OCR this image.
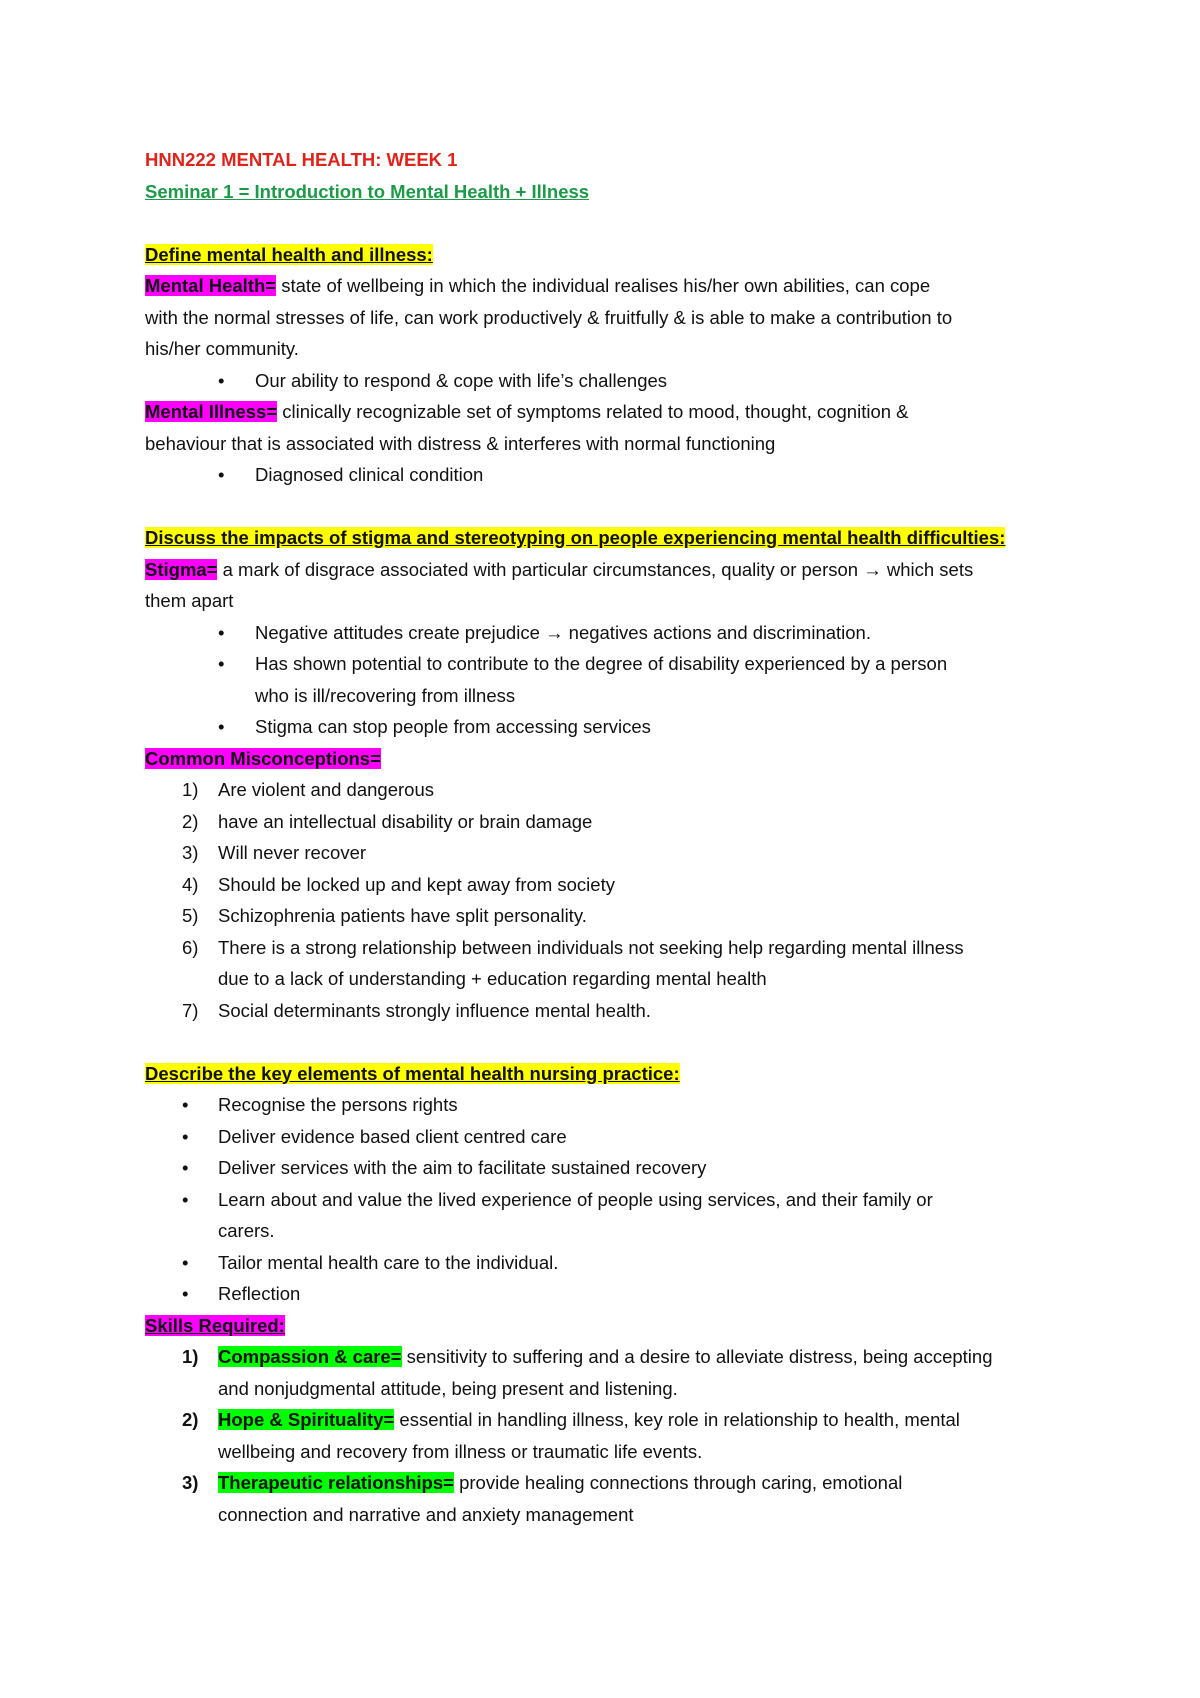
HNN222 MENTAL HEALTH: WEEK 1

Seminar 1 = Introduction to Mental Health + Illness

Define mental health and illness:

Mental Health= state of wellbeing in which the individual realises his/her own abilities, can cope

with the normal stresses of life, can work productively & fruitfully & is able to make a contribution to

his/her community.

• Our ability to respond & cope with life’s challenges

Mental Illness= clinically recognizable set of symptoms related to mood, thought, cognition &

behaviour that is associated with distress & interferes with normal functioning

• Diagnosed clinical condition

Discuss the impacts of stigma and stereotyping on people experiencing mental health difficulties:

Stigma= a mark of disgrace associated with particular circumstances, quality or person → which sets

them apart

• Negative attitudes create prejudice → negatives actions and discrimination.
• Has shown potential to contribute to the degree of disability experienced by a person
who is ill/recovering from illness
• Stigma can stop people from accessing services

Common Misconceptions=

1) Are violent and dangerous
2) have an intellectual disability or brain damage
3) Will never recover
4) Should be locked up and kept away from society
5) Schizophrenia patients have split personality.
6) There is a strong relationship between individuals not seeking help regarding mental illness
due to a lack of understanding + education regarding mental health
7) Social determinants strongly influence mental health.

Describe the key elements of mental health nursing practice:

• Recognise the persons rights
• Deliver evidence based client centred care
• Deliver services with the aim to facilitate sustained recovery
• Learn about and value the lived experience of people using services, and their family or
carers.
• Tailor mental health care to the individual.
• Reflection

Skills Required:

1) Compassion & care= sensitivity to suffering and a desire to alleviate distress, being accepting
and nonjudgmental attitude, being present and listening.
2) Hope & Spirituality= essential in handling illness, key role in relationship to health, mental
wellbeing and recovery from illness or traumatic life events.
3) Therapeutic relationships= provide healing connections through caring, emotional
connection and narrative and anxiety management
